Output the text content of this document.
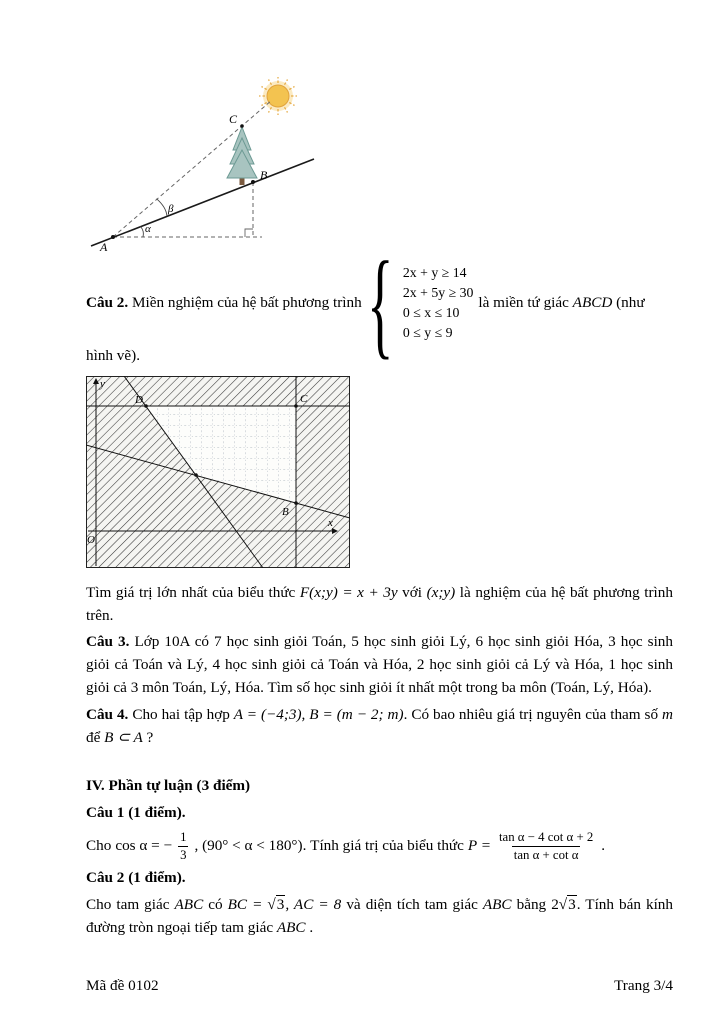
A
B
C
α
β
Câu 2. Miền nghiệm của hệ bất phương trình { 2x + y ≥ 14
2x + 5y ≥ 30
0 ≤ x ≤ 10
0 ≤ y ≤ 9
là miền tứ giác ABCD (như

hình vẽ).

y
x
O
D	C
B

Tìm giá trị lớn nhất của biểu thức F(x;y) = x + 3y với (x;y) là nghiệm của hệ bất phương trình trên.

Câu 3. Lớp 10A có 7 học sinh giỏi Toán, 5 học sinh giỏi Lý, 6 học sinh giỏi Hóa, 3 học sinh giỏi cả Toán và Lý, 4 học sinh giỏi cả Toán và Hóa, 2 học sinh giỏi cả Lý và Hóa, 1 học sinh giỏi cả 3 môn Toán, Lý, Hóa. Tìm số học sinh giỏi ít nhất một trong ba môn (Toán, Lý, Hóa).

Câu 4. Cho hai tập hợp A = (−4;3), B = (m − 2; m). Có bao nhiêu giá trị nguyên của tham số m để B ⊂ A ?

IV. Phần tự luận (3 điểm)

Câu 1 (1 điểm).

Cho cos α = − $\frac{1}{3}$ , (90° < α < 180°). Tính giá trị của biểu thức $P = \frac{\text{tan α − 4 cot α + 2}}{\text{tan α + cot α}}$ .

Câu 2 (1 điểm).

Cho tam giác ABC có BC = √3, AC = 8 và diện tích tam giác ABC bằng 2√3. Tính bán kính đường tròn ngoại tiếp tam giác ABC .

Mã đề 0102	Trang 3/4
